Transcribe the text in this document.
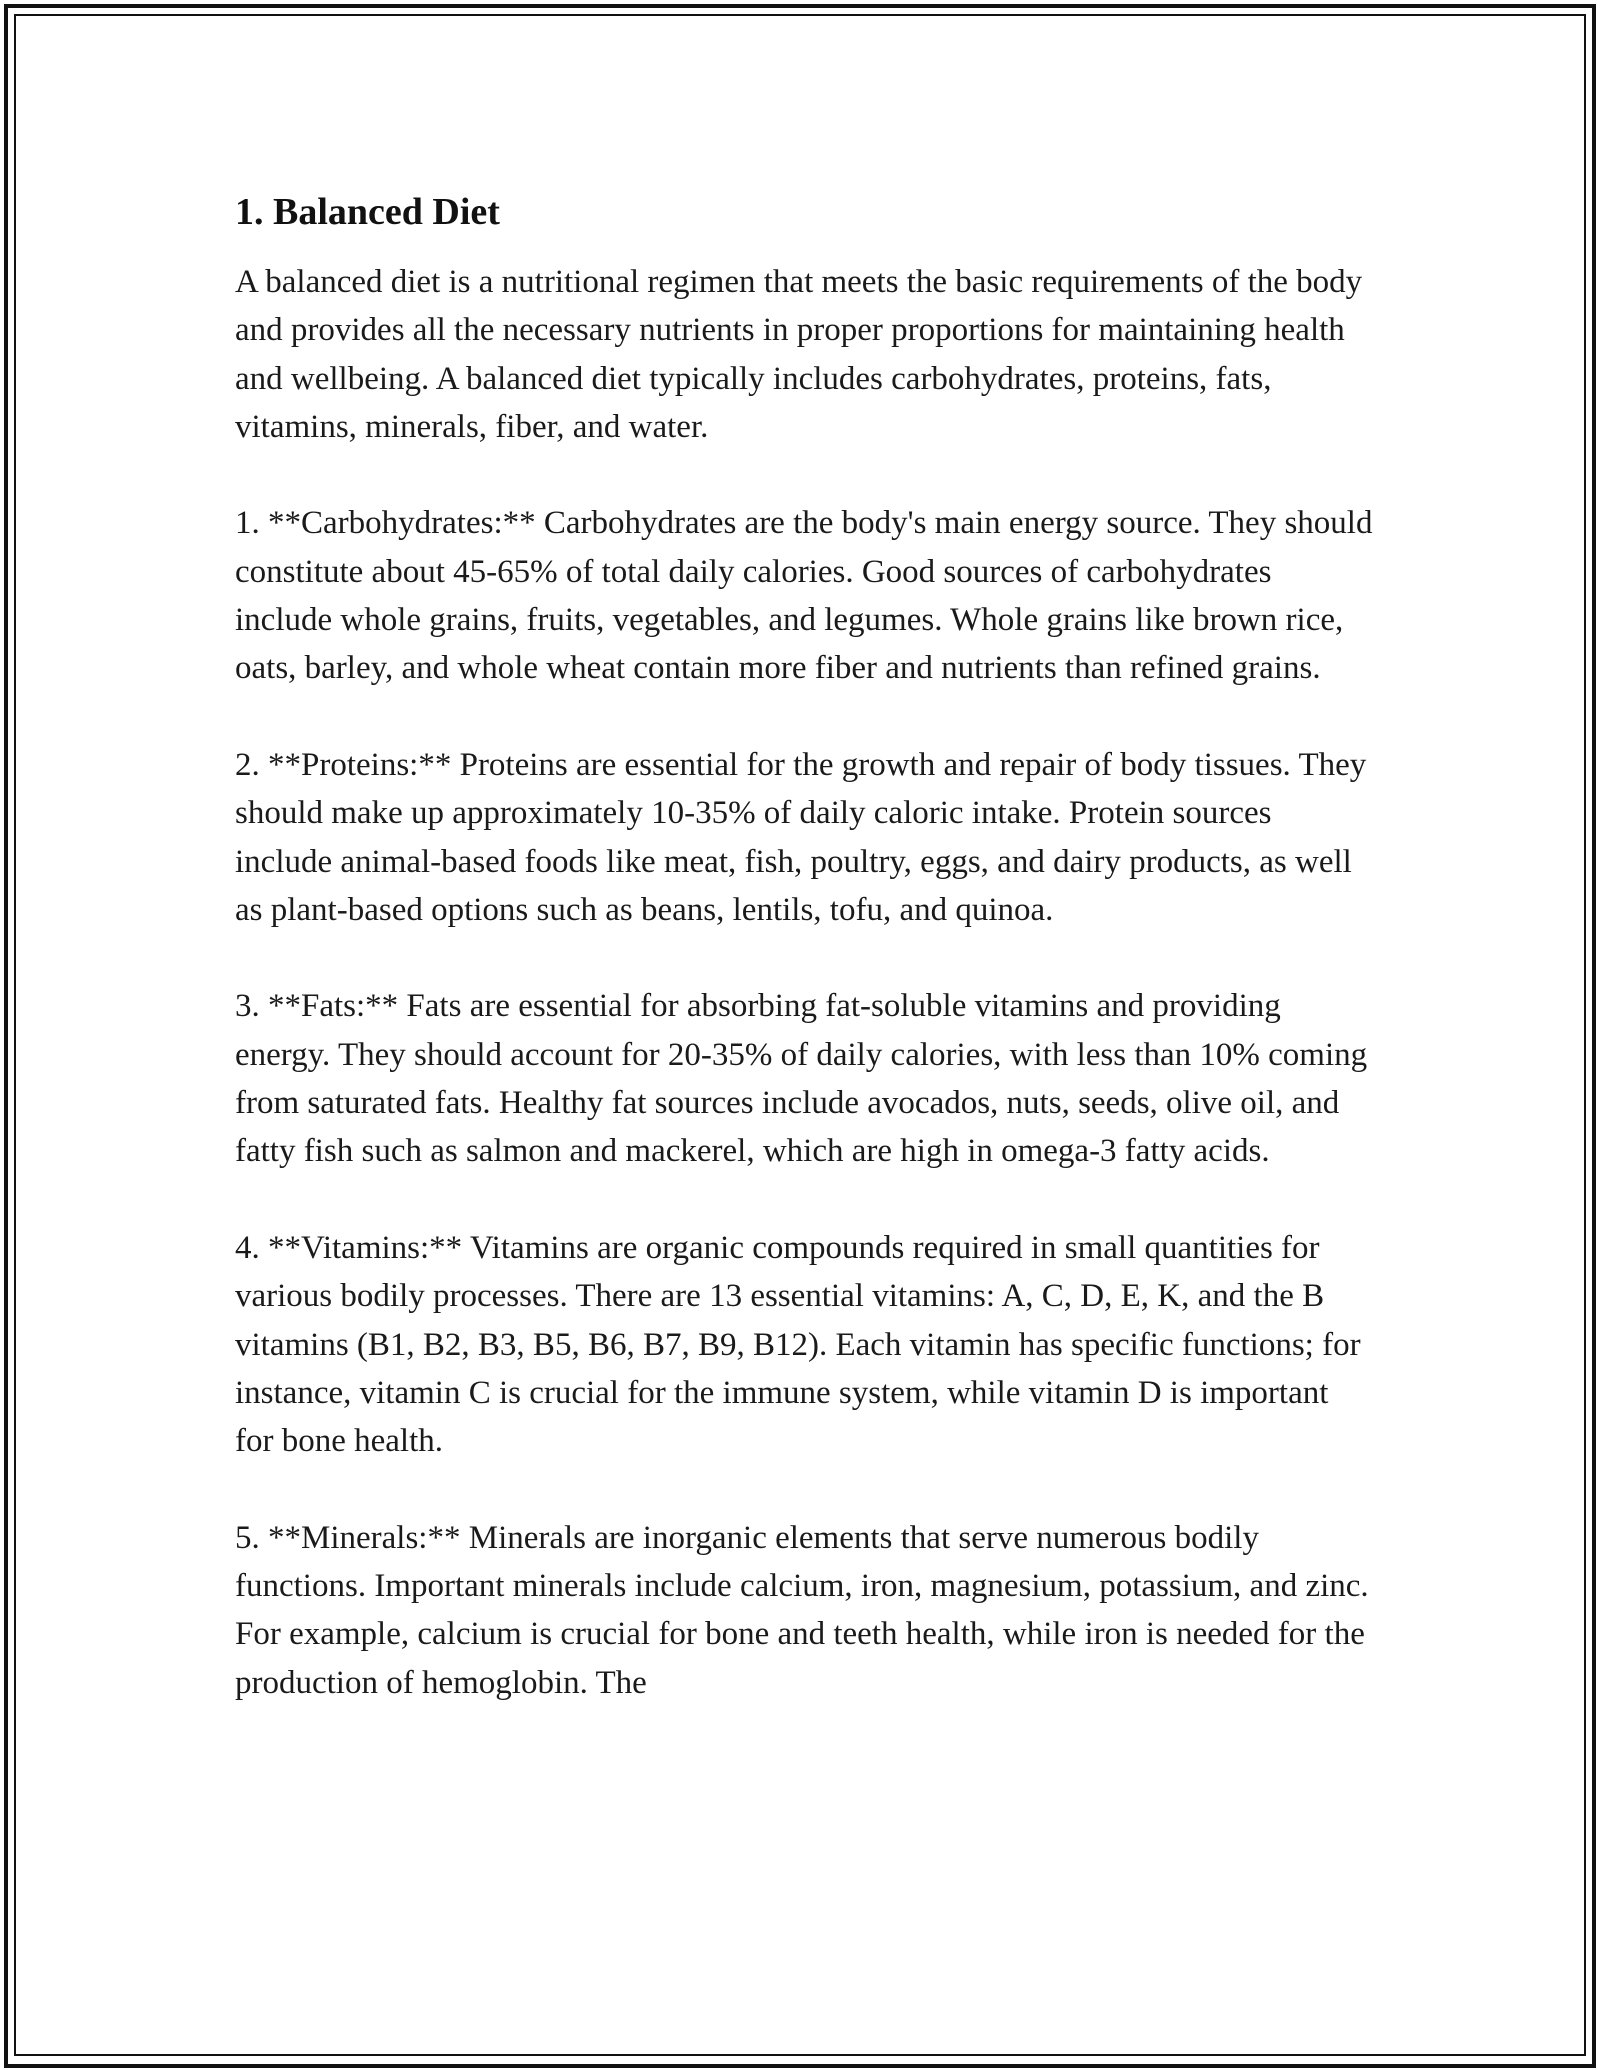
1. Balanced Diet

A balanced diet is a nutritional regimen that meets the basic requirements of the body and provides all the necessary nutrients in proper proportions for maintaining health and wellbeing. A balanced diet typically includes carbohydrates, proteins, fats, vitamins, minerals, fiber, and water.

1. **Carbohydrates:** Carbohydrates are the body's main energy source. They should constitute about 45-65% of total daily calories. Good sources of carbohydrates include whole grains, fruits, vegetables, and legumes. Whole grains like brown rice, oats, barley, and whole wheat contain more fiber and nutrients than refined grains.

2. **Proteins:** Proteins are essential for the growth and repair of body tissues. They should make up approximately 10-35% of daily caloric intake. Protein sources include animal-based foods like meat, fish, poultry, eggs, and dairy products, as well as plant-based options such as beans, lentils, tofu, and quinoa.

3. **Fats:** Fats are essential for absorbing fat-soluble vitamins and providing energy. They should account for 20-35% of daily calories, with less than 10% coming from saturated fats. Healthy fat sources include avocados, nuts, seeds, olive oil, and fatty fish such as salmon and mackerel, which are high in omega-3 fatty acids.

4. **Vitamins:** Vitamins are organic compounds required in small quantities for various bodily processes. There are 13 essential vitamins: A, C, D, E, K, and the B vitamins (B1, B2, B3, B5, B6, B7, B9, B12). Each vitamin has specific functions; for instance, vitamin C is crucial for the immune system, while vitamin D is important for bone health.

5. **Minerals:** Minerals are inorganic elements that serve numerous bodily functions. Important minerals include calcium, iron, magnesium, potassium, and zinc. For example, calcium is crucial for bone and teeth health, while iron is needed for the production of hemoglobin. The
